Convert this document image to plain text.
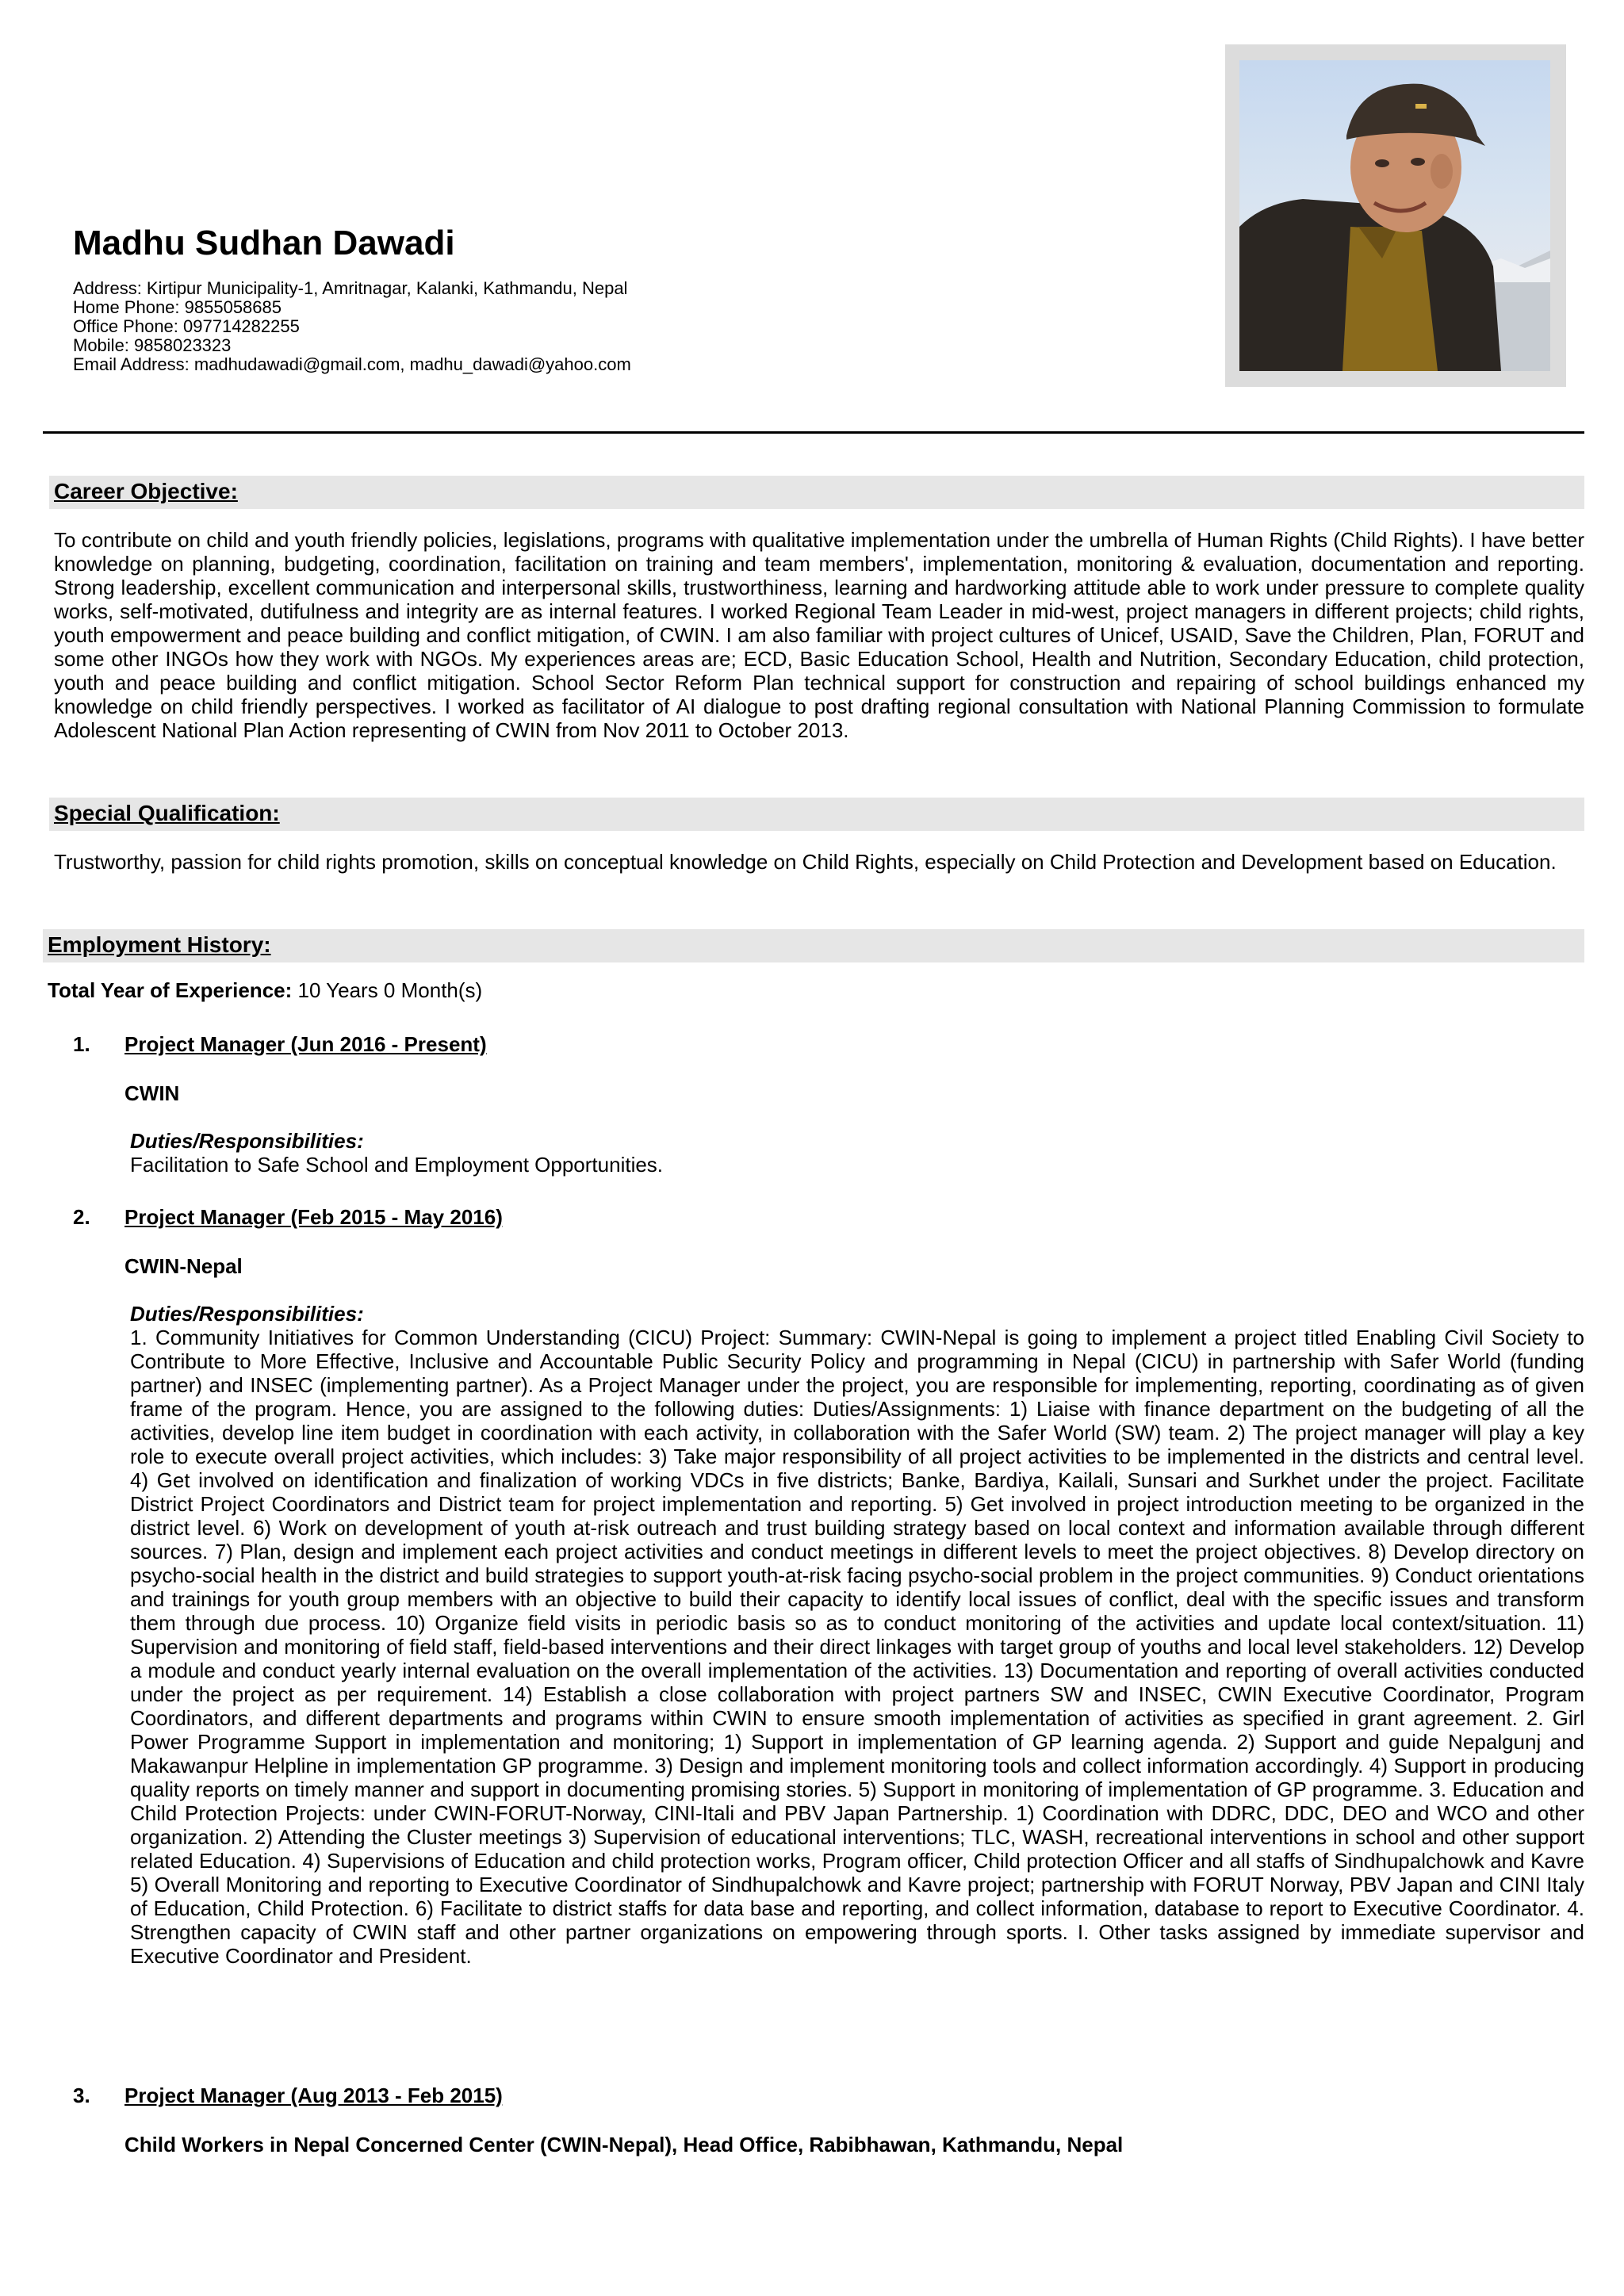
Madhu Sudhan Dawadi
Address: Kirtipur Municipality-1, Amritnagar, Kalanki, Kathmandu, Nepal
Home Phone: 9855058685
Office Phone: 097714282255
Mobile: 9858023323
Email Address: madhudawadi@gmail.com, madhu_dawadi@yahoo.com
Career Objective:
To contribute on child and youth friendly policies, legislations, programs with qualitative implementation under the umbrella of Human Rights (Child Rights). I have better knowledge on planning, budgeting, coordination, facilitation on training and team members', implementation, monitoring & evaluation, documentation and reporting. Strong leadership, excellent communication and interpersonal skills, trustworthiness, learning and hardworking attitude able to work under pressure to complete quality works, self-motivated, dutifulness and integrity are as internal features. I worked Regional Team Leader in mid-west, project managers in different projects; child rights, youth empowerment and peace building and conflict mitigation, of CWIN. I am also familiar with project cultures of Unicef, USAID, Save the Children, Plan, FORUT and some other INGOs how they work with NGOs. My experiences areas are; ECD, Basic Education School, Health and Nutrition, Secondary Education, child protection, youth and peace building and conflict mitigation. School Sector Reform Plan technical support for construction and repairing of school buildings enhanced my knowledge on child friendly perspectives. I worked as facilitator of AI dialogue to post drafting regional consultation with National Planning Commission to formulate Adolescent National Plan Action representing of CWIN from Nov 2011 to October 2013.
Special Qualification:
Trustworthy, passion for child rights promotion, skills on conceptual knowledge on Child Rights, especially on Child Protection and Development based on Education.
Employment History:
Total Year of Experience: 10 Years 0 Month(s)
1. Project Manager (Jun 2016 - Present)
CWIN
Duties/Responsibilities:
Facilitation to Safe School and Employment Opportunities.
2. Project Manager (Feb 2015 - May 2016)
CWIN-Nepal
Duties/Responsibilities:
1. Community Initiatives for Common Understanding (CICU) Project: Summary: CWIN-Nepal is going to implement a project titled Enabling Civil Society to Contribute to More Effective, Inclusive and Accountable Public Security Policy and programming in Nepal (CICU) in partnership with Safer World (funding partner) and INSEC (implementing partner). As a Project Manager under the project, you are responsible for implementing, reporting, coordinating as of given frame of the program. Hence, you are assigned to the following duties: Duties/Assignments: 1) Liaise with finance department on the budgeting of all the activities, develop line item budget in coordination with each activity, in collaboration with the Safer World (SW) team. 2) The project manager will play a key role to execute overall project activities, which includes: 3) Take major responsibility of all project activities to be implemented in the districts and central level. 4) Get involved on identification and finalization of working VDCs in five districts; Banke, Bardiya, Kailali, Sunsari and Surkhet under the project. Facilitate District Project Coordinators and District team for project implementation and reporting. 5) Get involved in project introduction meeting to be organized in the district level. 6) Work on development of youth at-risk outreach and trust building strategy based on local context and information available through different sources. 7) Plan, design and implement each project activities and conduct meetings in different levels to meet the project objectives. 8) Develop directory on psycho-social health in the district and build strategies to support youth-at-risk facing psycho-social problem in the project communities. 9) Conduct orientations and trainings for youth group members with an objective to build their capacity to identify local issues of conflict, deal with the specific issues and transform them through due process. 10) Organize field visits in periodic basis so as to conduct monitoring of the activities and update local context/situation. 11) Supervision and monitoring of field staff, field-based interventions and their direct linkages with target group of youths and local level stakeholders. 12) Develop a module and conduct yearly internal evaluation on the overall implementation of the activities. 13) Documentation and reporting of overall activities conducted under the project as per requirement. 14) Establish a close collaboration with project partners SW and INSEC, CWIN Executive Coordinator, Program Coordinators, and different departments and programs within CWIN to ensure smooth implementation of activities as specified in grant agreement. 2. Girl Power Programme Support in implementation and monitoring; 1) Support in implementation of GP learning agenda. 2) Support and guide Nepalgunj and Makawanpur Helpline in implementation GP programme. 3) Design and implement monitoring tools and collect information accordingly. 4) Support in producing quality reports on timely manner and support in documenting promising stories. 5) Support in monitoring of implementation of GP programme. 3. Education and Child Protection Projects: under CWIN-FORUT-Norway, CINI-Itali and PBV Japan Partnership. 1) Coordination with DDRC, DDC, DEO and WCO and other organization. 2) Attending the Cluster meetings 3) Supervision of educational interventions; TLC, WASH, recreational interventions in school and other support related Education. 4) Supervisions of Education and child protection works, Program officer, Child protection Officer and all staffs of Sindhupalchowk and Kavre 5) Overall Monitoring and reporting to Executive Coordinator of Sindhupalchowk and Kavre project; partnership with FORUT Norway, PBV Japan and CINI Italy of Education, Child Protection. 6) Facilitate to district staffs for data base and reporting, and collect information, database to report to Executive Coordinator. 4. Strengthen capacity of CWIN staff and other partner organizations on empowering through sports. I. Other tasks assigned by immediate supervisor and Executive Coordinator and President.
3. Project Manager (Aug 2013 - Feb 2015)
Child Workers in Nepal Concerned Center (CWIN-Nepal), Head Office, Rabibhawan, Kathmandu, Nepal
